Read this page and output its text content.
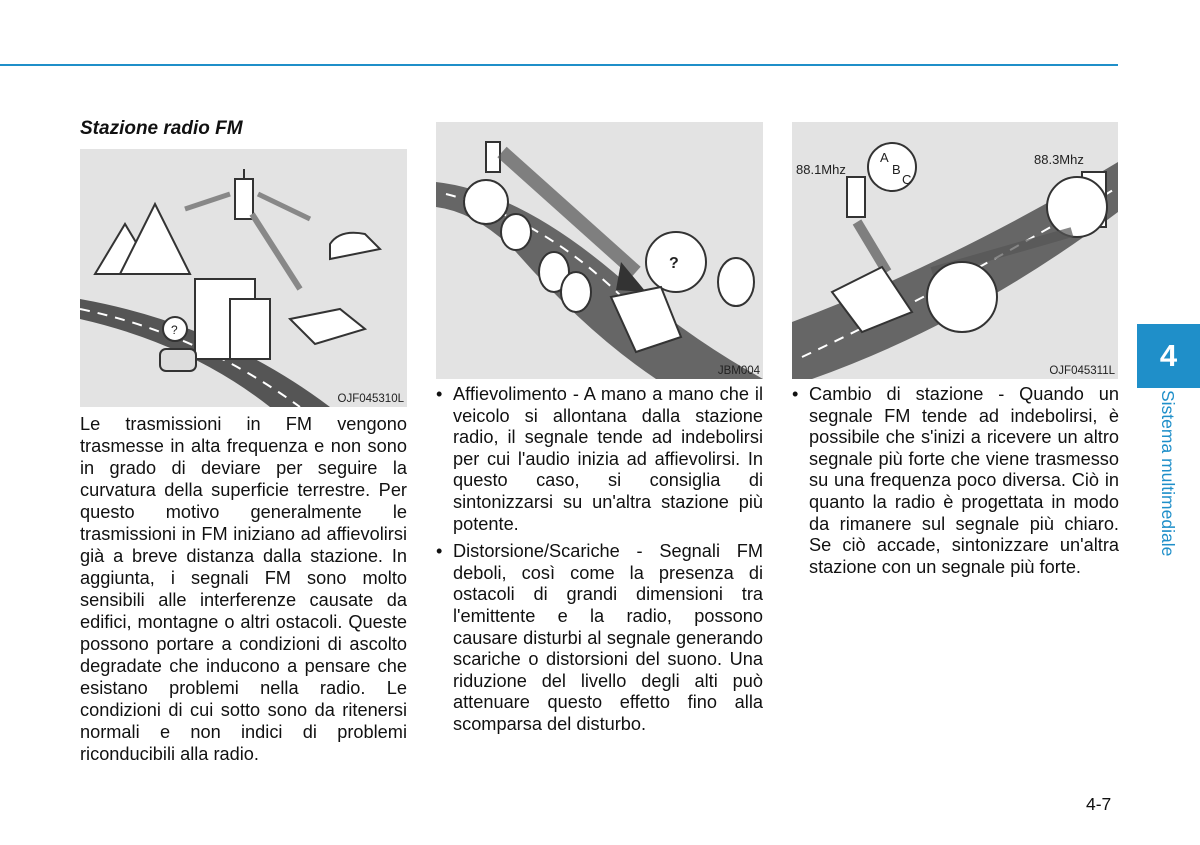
Stazione radio FM
?
OJF045310L
?
JBM004
88.1Mhz
88.3Mhz
A
B
C
OJF045311L

Le trasmissioni in FM vengono trasmesse in alta frequenza e non sono in grado di deviare per seguire la curvatura della superficie terrestre. Per questo motivo generalmente le trasmissioni in FM iniziano ad affievolirsi già a breve distanza dalla stazione. In aggiunta, i segnali FM sono molto sensibili alle interferenze causate da edifici, montagne o altri ostacoli. Queste possono portare a condizioni di ascolto degradate che inducono a pensare che esistano problemi nella radio. Le condizioni di cui sotto sono da ritenersi normali e non indici di problemi riconducibili alla radio.

• Affievolimento - A mano a mano che il veicolo si allontana dalla stazione radio, il segnale tende ad indebolirsi per cui l'audio inizia ad affievolirsi. In questo caso, si consiglia di sintonizzarsi su un'altra stazione più potente.
• Distorsione/Scariche - Segnali FM deboli, così come la presenza di ostacoli di grandi dimensioni tra l'emittente e la radio, possono causare disturbi al segnale generando scariche o distorsioni del suono. Una riduzione del livello degli alti può attenuare questo effetto fino alla scomparsa del disturbo.
• Cambio di stazione - Quando un segnale FM tende ad indebolirsi, è possibile che s'inizi a ricevere un altro segnale più forte che viene trasmesso su una frequenza poco diversa. Ciò in quanto la radio è progettata in modo da rimanere sul segnale più chiaro. Se ciò accade, sintonizzare un'altra stazione con un segnale più forte.
4
Sistema multimediale
4-7
